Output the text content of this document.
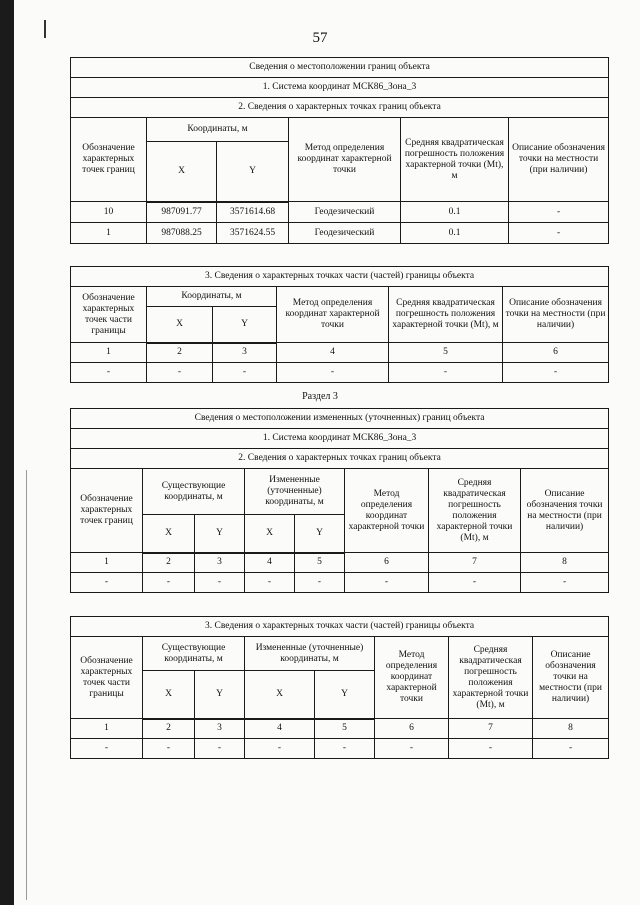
57
Сведения о местоположении границ объекта					
1. Система координат МСК86_Зона_3					
2. Сведения о характерных точках границ объекта					
Обозначение характерных точек границ	Координаты, м		Метод определения координат характерной точки	Средняя квадратическая погрешность положения характерной точки (Mt), м	Описание обозначения точки на местности (при наличии)
	X	Y			
10	987091.77	3571614.68	Геодезический	0.1	-
1	987088.25	3571624.55	Геодезический	0.1	-
3. Сведения о характерных точках части (частей) границы объекта					
Обозначение характерных точек части границы	Координаты, м		Метод определения координат характерной точки	Средняя квадратическая погрешность положения характерной точки (Mt), м	Описание обозначения точки на местности (при наличии)
	X	Y			
1	2	3	4	5	6
-	-	-	-	-	-
Раздел 3
Сведения о местоположении измененных (уточненных) границ объекта							
1. Система координат МСК86_Зона_3							
2. Сведения о характерных точках границ объекта							
Обозначение характерных точек границ	Существующие координаты, м		Измененные (уточненные) координаты, м		Метод определения координат характерной точки	Средняя квадратическая погрешность положения характерной точки (Mt), м	Описание обозначения точки на местности (при наличии)
	X	Y	X	Y			
1	2	3	4	5	6	7	8
-	-	-	-	-	-	-	-
3. Сведения о характерных точках части (частей) границы объекта							
Обозначение характерных точек части границы	Существующие координаты, м		Измененные (уточненные) координаты, м		Метод определения координат характерной точки	Средняя квадратическая погрешность положения характерной точки (Mt), м	Описание обозначения точки на местности (при наличии)
	X	Y	X	Y			
1	2	3	4	5	6	7	8
-	-	-	-	-	-	-	-
